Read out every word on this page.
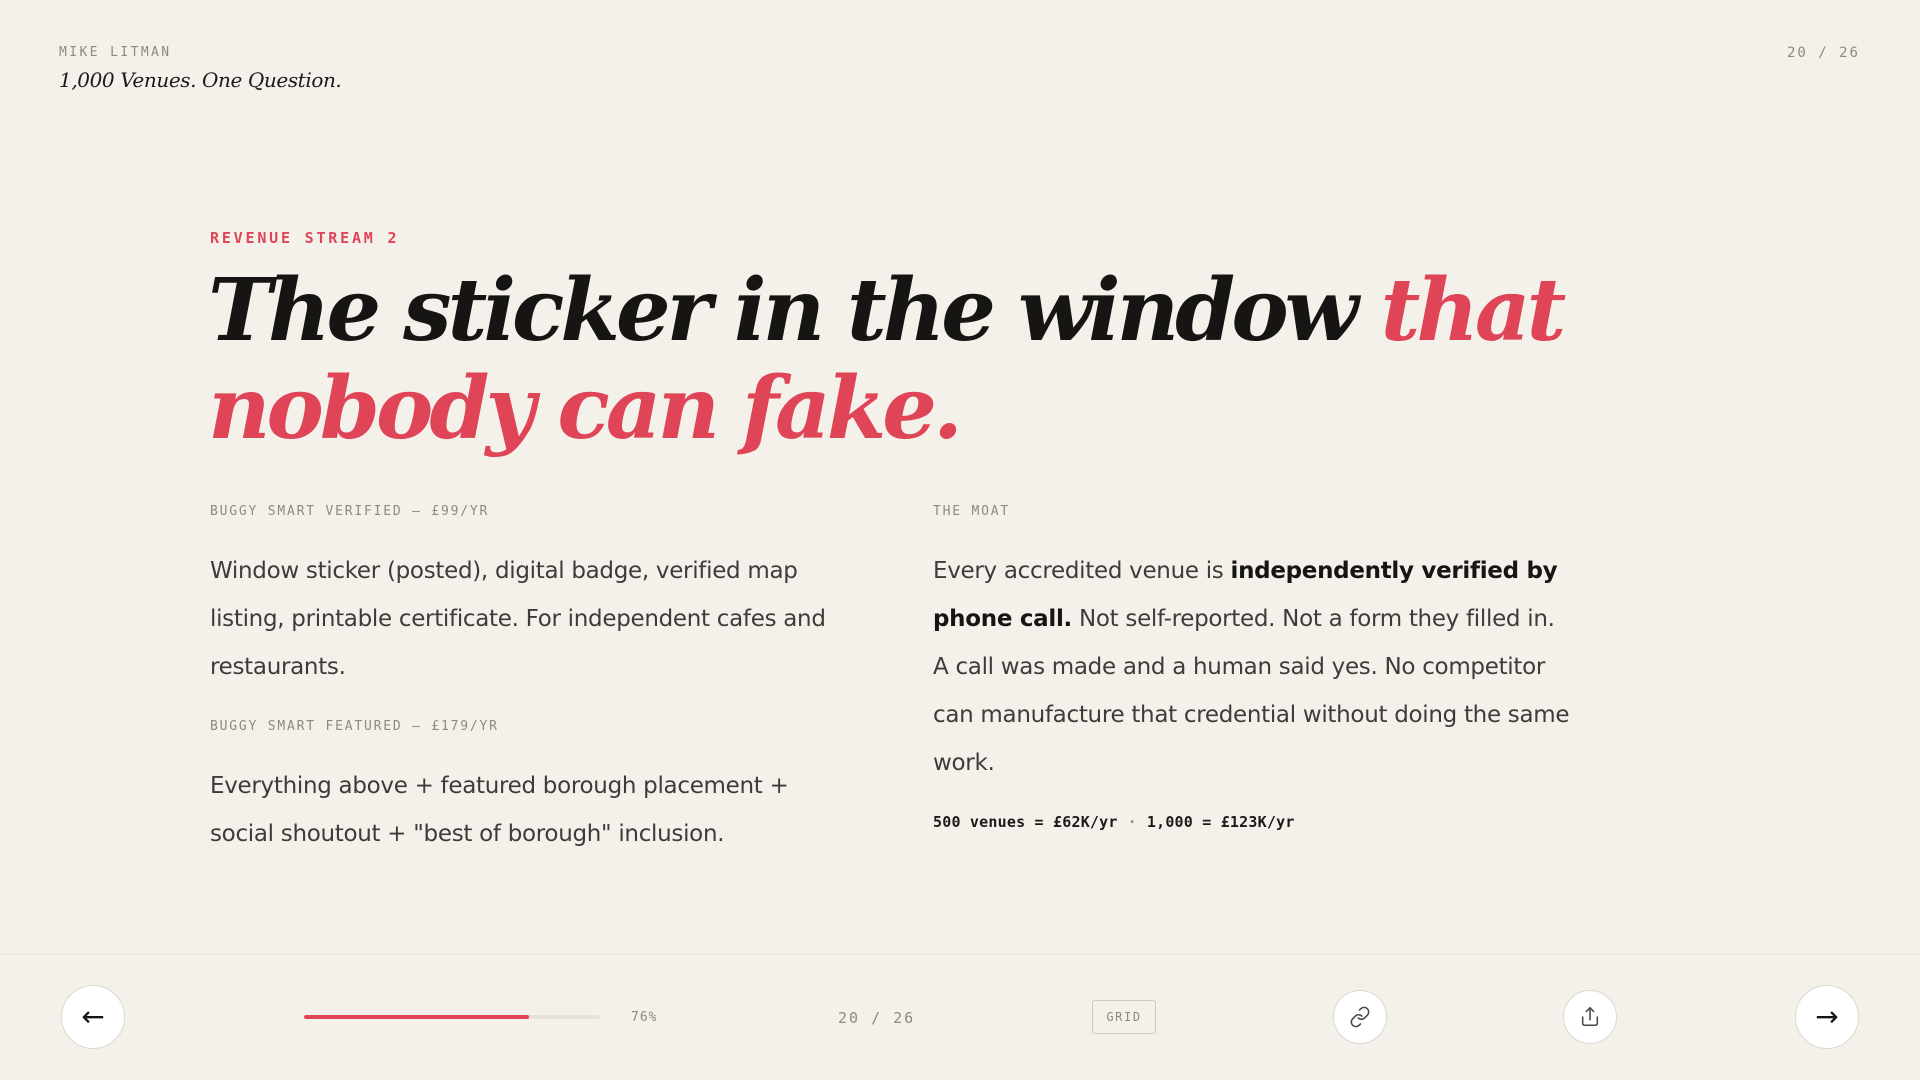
MIKE LITMAN
1,000 Venues. One Question.
20 / 26
REVENUE STREAM 2
The sticker in the window that nobody can fake.

BUGGY SMART VERIFIED — £99/YR

Window sticker (posted), digital badge, verified map listing, printable certificate. For independent cafes and restaurants.

BUGGY SMART FEATURED — £179/YR

Everything above + featured borough placement + social shoutout + "best of borough" inclusion.

THE MOAT

Every accredited venue is independently verified by phone call. Not self-reported. Not a form they filled in. A call was made and a human said yes. No competitor can manufacture that credential without doing the same work.

500 venues = £62K/yr · 1,000 = £123K/yr
←	76%	20 / 26	GRID	→
